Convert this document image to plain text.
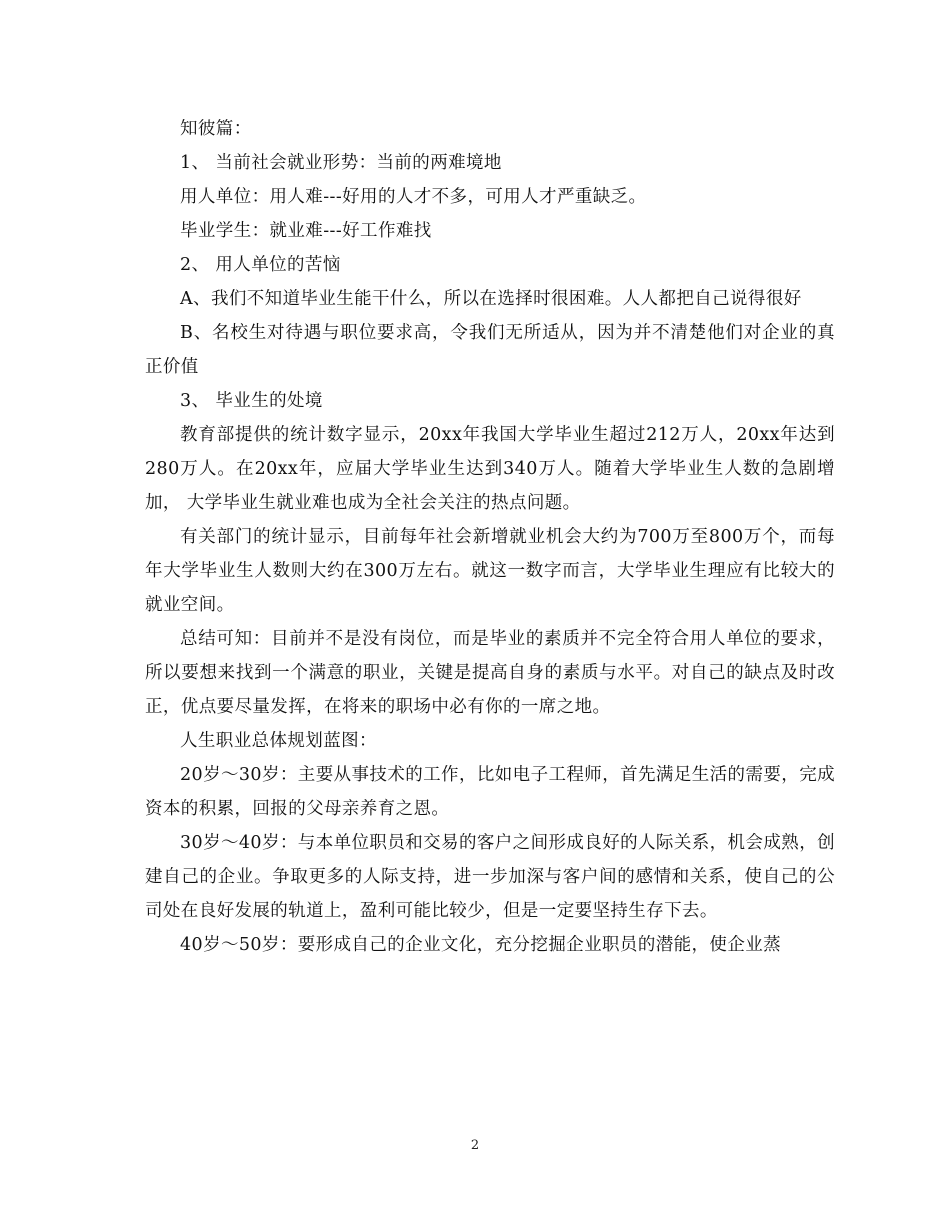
知彼篇：

1、 当前社会就业形势：当前的两难境地

用人单位：用人难---好用的人才不多，可用人才严重缺乏。

毕业学生：就业难---好工作难找

2、 用人单位的苦恼

A、我们不知道毕业生能干什么，所以在选择时很困难。人人都把自己说得很好

B、名校生对待遇与职位要求高，令我们无所适从，因为并不清楚他们对企业的真正价值

3、 毕业生的处境

教育部提供的统计数字显示，20xx年我国大学毕业生超过212万人，20xx年达到280万人。在20xx年，应届大学毕业生达到340万人。随着大学毕业生人数的急剧增加， 大学毕业生就业难也成为全社会关注的热点问题。

有关部门的统计显示，目前每年社会新增就业机会大约为700万至800万个，而每年大学毕业生人数则大约在300万左右。就这一数字而言，大学毕业生理应有比较大的就业空间。

总结可知：目前并不是没有岗位，而是毕业的素质并不完全符合用人单位的要求，所以要想来找到一个满意的职业，关键是提高自身的素质与水平。对自己的缺点及时改正，优点要尽量发挥，在将来的职场中必有你的一席之地。

人生职业总体规划蓝图：

20岁～30岁：主要从事技术的工作，比如电子工程师，首先满足生活的需要，完成资本的积累，回报的父母亲养育之恩。

30岁～40岁：与本单位职员和交易的客户之间形成良好的人际关系，机会成熟，创建自己的企业。争取更多的人际支持，进一步加深与客户间的感情和关系，使自己的公司处在良好发展的轨道上，盈利可能比较少，但是一定要坚持生存下去。

40岁～50岁：要形成自己的企业文化，充分挖掘企业职员的潜能，使企业蒸

2
